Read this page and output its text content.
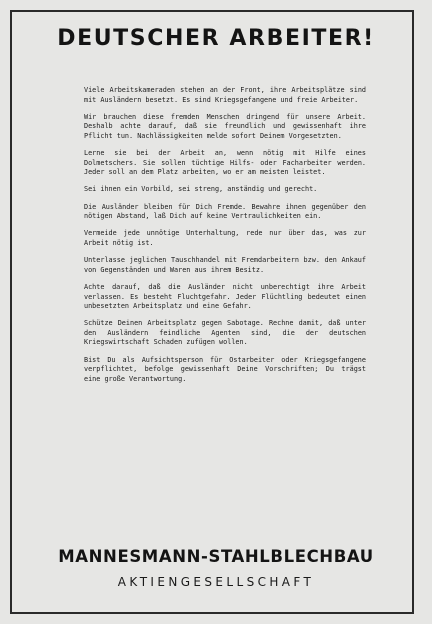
DEUTSCHER ARBEITER!

Viele Arbeitskameraden stehen an der Front, ihre Arbeitsplätze sind mit Ausländern besetzt. Es sind Kriegsgefangene und freie Arbeiter.

Wir brauchen diese fremden Menschen dringend für unsere Arbeit. Deshalb achte darauf, daß sie freundlich und gewissenhaft ihre Pflicht tun. Nachlässigkeiten melde sofort Deinem Vorgesetzten.

Lerne sie bei der Arbeit an, wenn nötig mit Hilfe eines Dolmetschers. Sie sollen tüchtige Hilfs- oder Facharbeiter werden. Jeder soll an dem Platz arbeiten, wo er am meisten leistet.

Sei ihnen ein Vorbild, sei streng, anständig und gerecht.

Die Ausländer bleiben für Dich Fremde. Bewahre ihnen gegenüber den nötigen Abstand, laß Dich auf keine Vertraulichkeiten ein.

Vermeide jede unnötige Unterhaltung, rede nur über das, was zur Arbeit nötig ist.

Unterlasse jeglichen Tauschhandel mit Fremdarbeitern bzw. den Ankauf von Gegenständen und Waren aus ihrem Besitz.

Achte darauf, daß die Ausländer nicht unberechtigt ihre Arbeit verlassen. Es besteht Fluchtgefahr. Jeder Flüchtling bedeutet einen unbesetzten Arbeitsplatz und eine Gefahr.

Schütze Deinen Arbeitsplatz gegen Sabotage. Rechne damit, daß unter den Ausländern feindliche Agenten sind, die der deutschen Kriegswirtschaft Schaden zufügen wollen.

Bist Du als Aufsichtsperson für Ostarbeiter oder Kriegsgefangene verpflichtet, befolge gewissenhaft Deine Vorschriften; Du trägst eine große Verantwortung.

MANNESMANN-STAHLBLECHBAU
AKTIENGESELLSCHAFT
